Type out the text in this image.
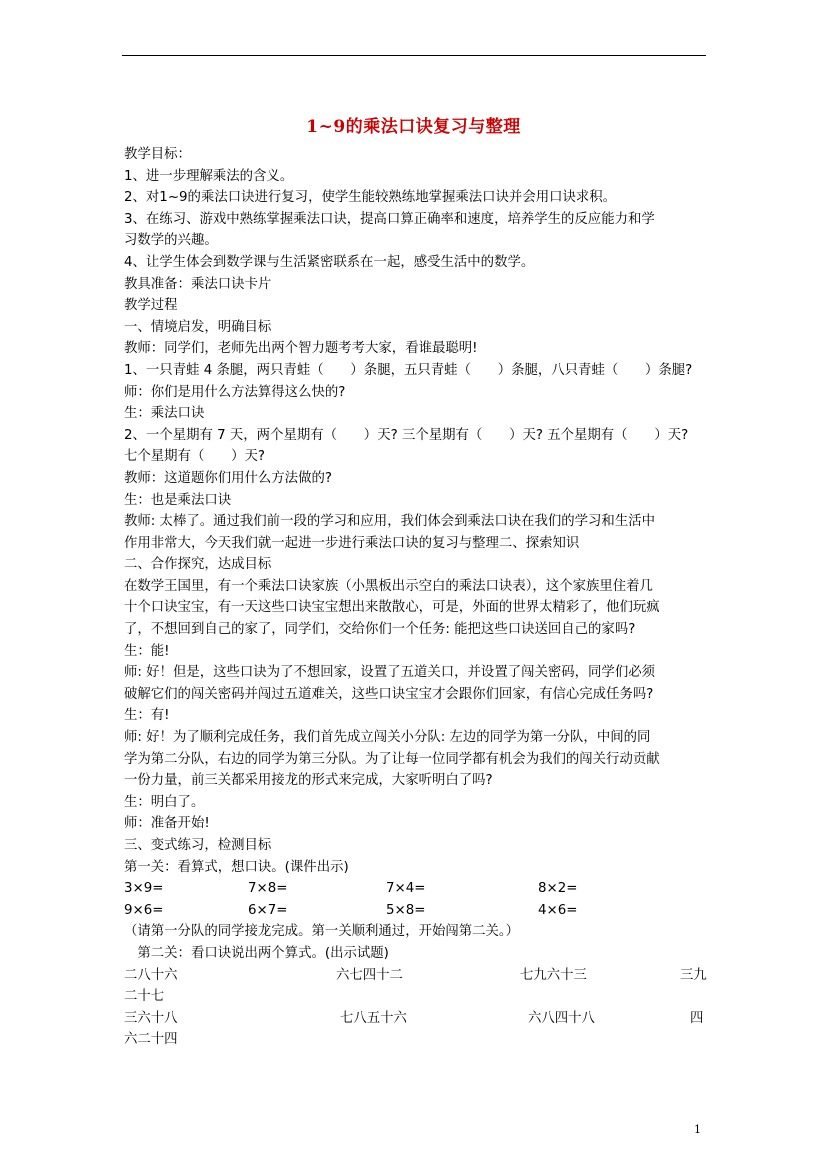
1~9的乘法口诀复习与整理
教学目标：
1、进一步理解乘法的含义。
2、对1~9的乘法口诀进行复习，使学生能较熟练地掌握乘法口诀并会用口诀求积。
3、在练习、游戏中熟练掌握乘法口诀，提高口算正确率和速度，培养学生的反应能力和学
习数学的兴趣。
4、让学生体会到数学课与生活紧密联系在一起，感受生活中的数学。
教具准备：乘法口诀卡片
教学过程
一、情境启发，明确目标
教师：同学们，老师先出两个智力题考考大家，看谁最聪明!
1、一只青蛙 4 条腿，两只青蛙（　　）条腿，五只青蛙（　　）条腿，八只青蛙（　　）条腿?
师：你们是用什么方法算得这么快的?
生：乘法口诀
2、一个星期有 7 天，两个星期有（　　）天? 三个星期有（　　）天? 五个星期有（　　）天?
七个星期有（　　）天?
教师：这道题你们用什么方法做的?
生：也是乘法口诀
教师: 太棒了。通过我们前一段的学习和应用，我们体会到乘法口诀在我们的学习和生活中
作用非常大，今天我们就一起进一步进行乘法口诀的复习与整理二、探索知识
二、合作探究，达成目标
在数学王国里，有一个乘法口诀家族（小黑板出示空白的乘法口诀表），这个家族里住着几
十个口诀宝宝，有一天这些口诀宝宝想出来散散心，可是，外面的世界太精彩了，他们玩疯
了，不想回到自己的家了，同学们，交给你们一个任务: 能把这些口诀送回自己的家吗?
生：能!
师: 好！但是，这些口诀为了不想回家，设置了五道关口，并设置了闯关密码，同学们必须
破解它们的闯关密码并闯过五道难关，这些口诀宝宝才会跟你们回家，有信心完成任务吗?
生：有!
师: 好！为了顺利完成任务，我们首先成立闯关小分队: 左边的同学为第一分队，中间的同
学为第二分队，右边的同学为第三分队。为了让每一位同学都有机会为我们的闯关行动贡献
一份力量，前三关都采用接龙的形式来完成，大家听明白了吗?
生：明白了。
师：准备开始!
三、变式练习，检测目标
第一关：看算式，想口诀。(课件出示)
3×9=	7×8=	7×4=	8×2=
9×6=	6×7=	5×8=	4×6=
（请第一分队的同学接龙完成。第一关顺利通过，开始闯第二关。）
　第二关：看口诀说出两个算式。(出示试题)
二八十六	六七四十二	七九六十三	三九
二十七
三六十八	七八五十六	六八四十八	四
六二十四
1
